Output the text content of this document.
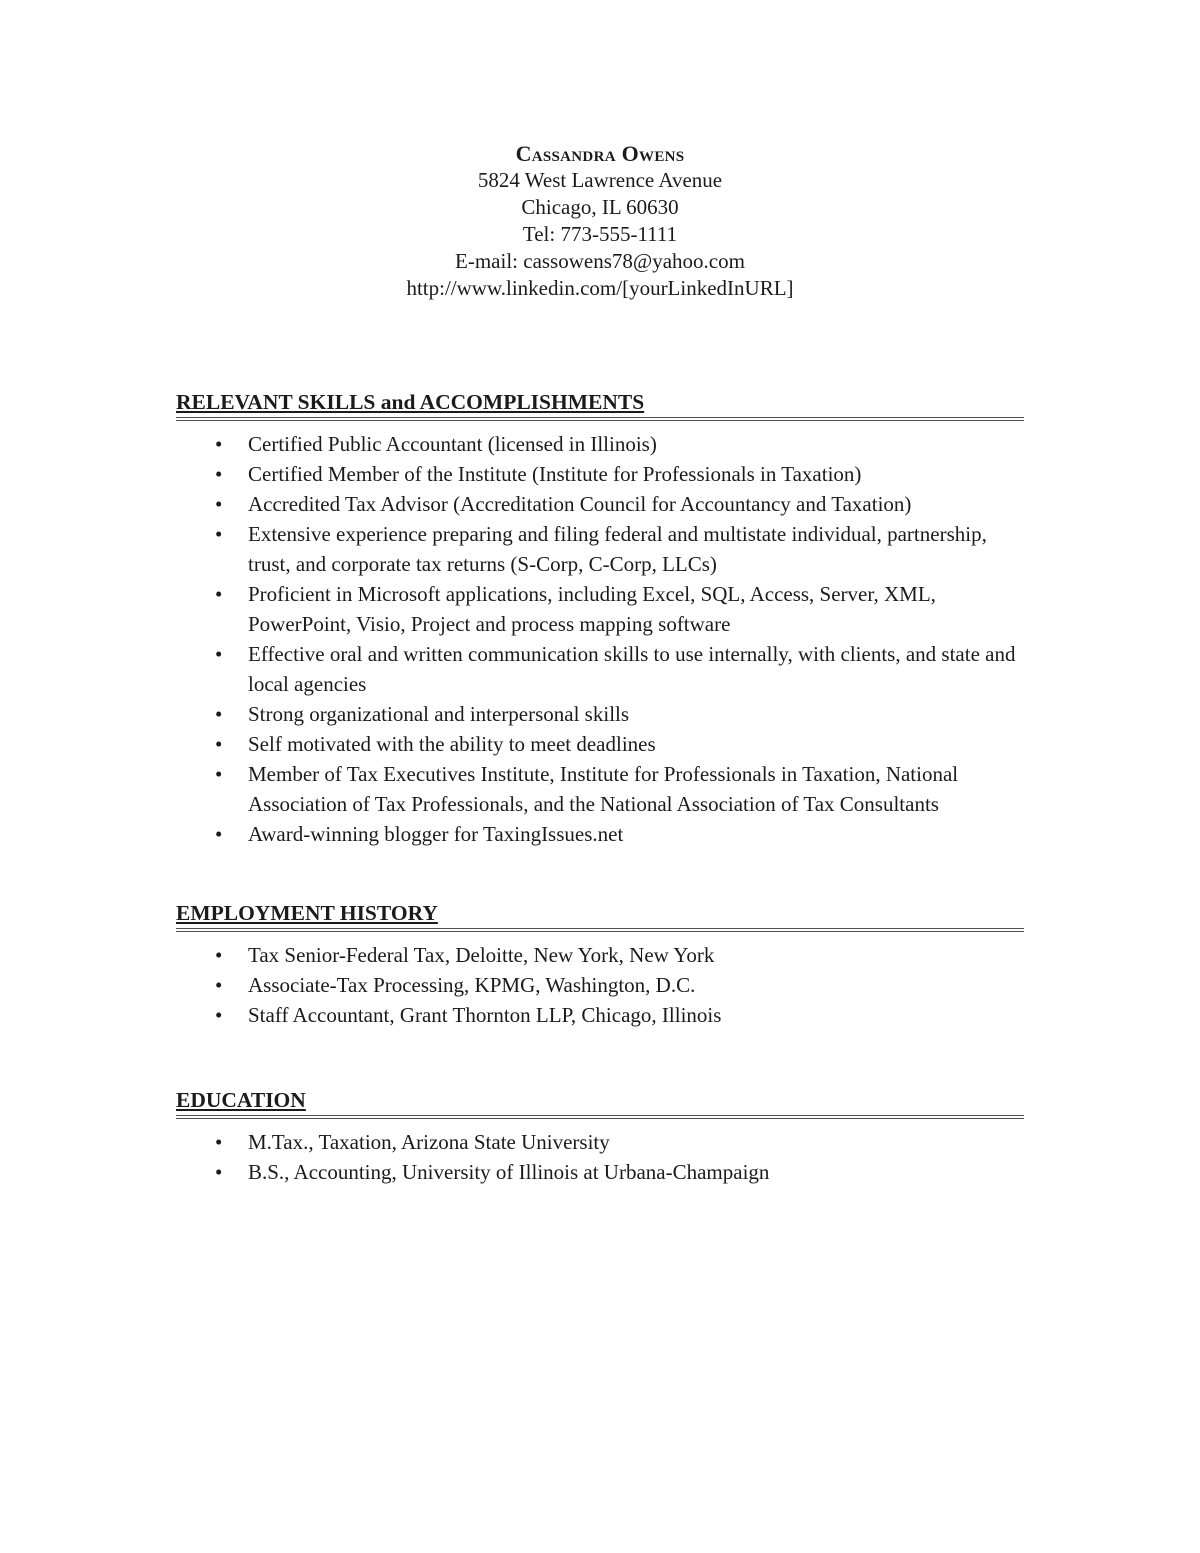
Cassandra Owens
5824 West Lawrence Avenue
Chicago, IL 60630
Tel: 773-555-1111
E-mail: cassowens78@yahoo.com
http://www.linkedin.com/[yourLinkedInURL]
RELEVANT SKILLS and ACCOMPLISHMENTS
• Certified Public Accountant (licensed in Illinois)
• Certified Member of the Institute (Institute for Professionals in Taxation)
• Accredited Tax Advisor (Accreditation Council for Accountancy and Taxation)
• Extensive experience preparing and filing federal and multistate individual, partnership, trust, and corporate tax returns (S-Corp, C-Corp, LLCs)
• Proficient in Microsoft applications, including Excel, SQL, Access, Server, XML, PowerPoint, Visio, Project and process mapping software
• Effective oral and written communication skills to use internally, with clients, and state and local agencies
• Strong organizational and interpersonal skills
• Self motivated with the ability to meet deadlines
• Member of Tax Executives Institute, Institute for Professionals in Taxation, National Association of Tax Professionals, and the National Association of Tax Consultants
• Award-winning blogger for TaxingIssues.net
EMPLOYMENT HISTORY
• Tax Senior-Federal Tax, Deloitte, New York, New York
• Associate-Tax Processing, KPMG, Washington, D.C.
• Staff Accountant, Grant Thornton LLP, Chicago, Illinois
EDUCATION
• M.Tax., Taxation, Arizona State University
• B.S., Accounting, University of Illinois at Urbana-Champaign
